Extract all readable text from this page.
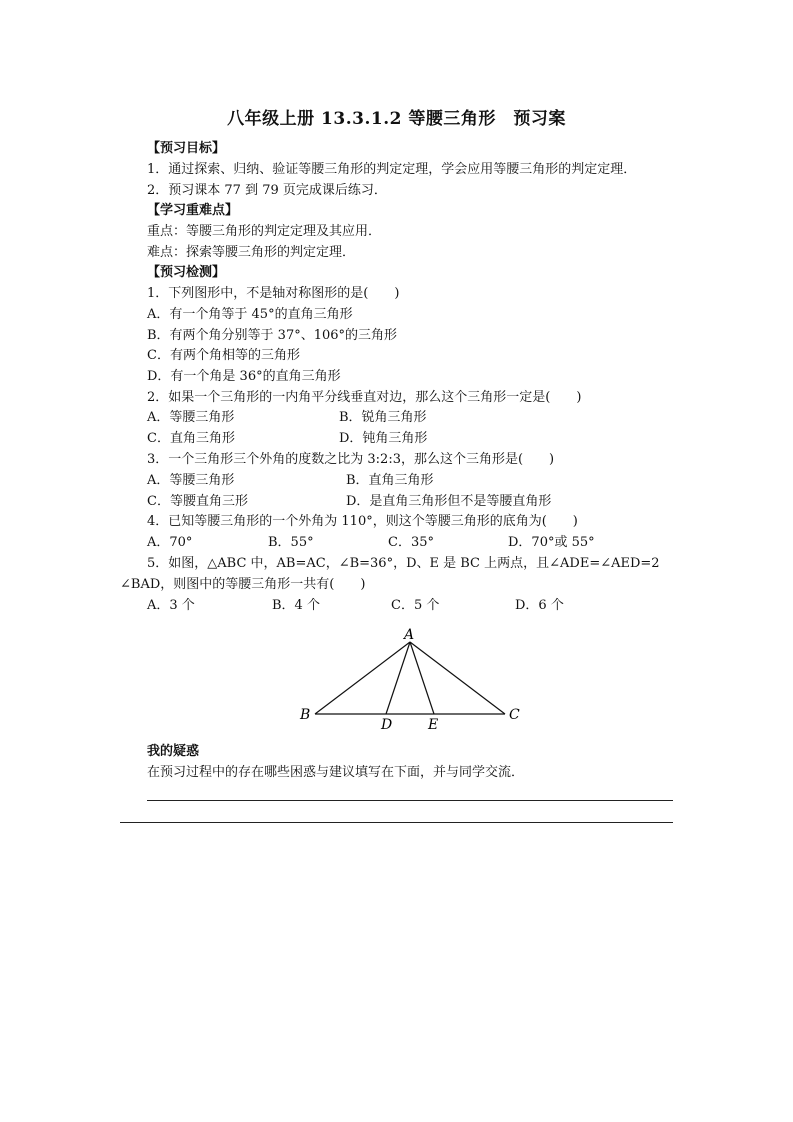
八年级上册 13.3.1.2 等腰三角形　预习案
【预习目标】
1．通过探索、归纳、验证等腰三角形的判定定理，学会应用等腰三角形的判定定理．
2．预习课本 77 到 79 页完成课后练习．
【学习重难点】
重点：等腰三角形的判定定理及其应用．
难点：探索等腰三角形的判定定理．
【预习检测】
1．下列图形中，不是轴对称图形的是(　　)
A．有一个角等于 45°的直角三角形
B．有两个角分别等于 37°、106°的三角形
C．有两个角相等的三角形
D．有一个角是 36°的直角三角形
2．如果一个三角形的一内角平分线垂直对边，那么这个三角形一定是(　　)
A．等腰三角形	B．锐角三角形
C．直角三角形	D．钝角三角形
3．一个三角形三个外角的度数之比为 3:2:3，那么这个三角形是(　　)
A．等腰三角形	B．直角三角形
C．等腰直角三形	D．是直角三角形但不是等腰直角形
4．已知等腰三角形的一个外角为 110°，则这个等腰三角形的底角为(　　)
A．70°	B．55°	C．35°	D．70°或 55°
5．如图，△ABC 中，AB=AC，∠B=36°，D、E 是 BC 上两点，且∠ADE=∠AED=2
∠BAD，则图中的等腰三角形一共有(　　)
A．3 个	B．4 个	C．5 个	D．6 个
A
B
D	E
C
我的疑惑
在预习过程中的存在哪些困惑与建议填写在下面，并与同学交流．
